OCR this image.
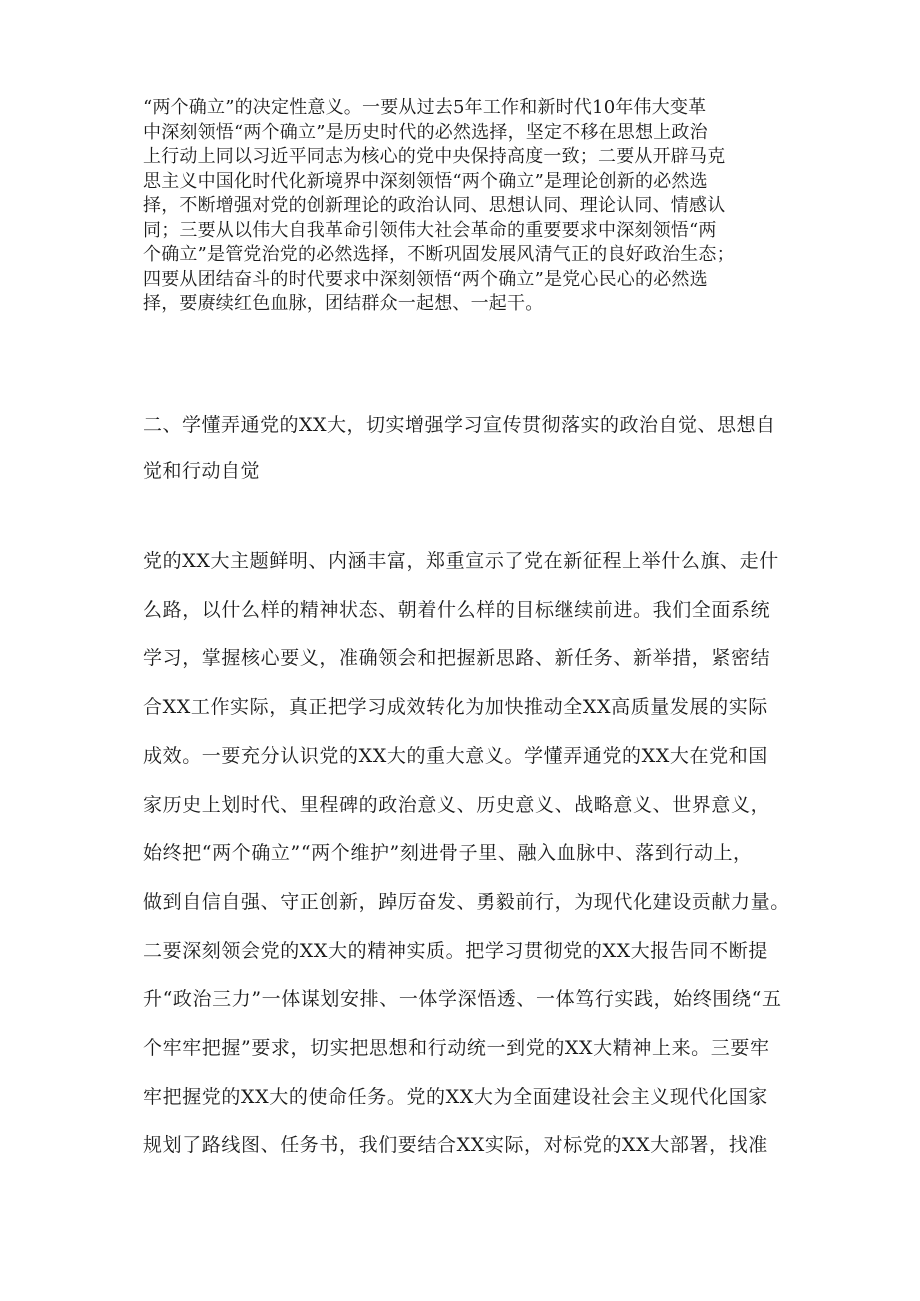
“两个确立”的决定性意义。一要从过去5年工作和新时代10年伟大变革
中深刻领悟“两个确立”是历史时代的必然选择，坚定不移在思想上政治
上行动上同以习近平同志为核心的党中央保持高度一致；二要从开辟马克
思主义中国化时代化新境界中深刻领悟“两个确立”是理论创新的必然选
择，不断增强对党的创新理论的政治认同、思想认同、理论认同、情感认
同；三要从以伟大自我革命引领伟大社会革命的重要要求中深刻领悟“两
个确立”是管党治党的必然选择，不断巩固发展风清气正的良好政治生态；
四要从团结奋斗的时代要求中深刻领悟“两个确立”是党心民心的必然选
择，要赓续红色血脉，团结群众一起想、一起干。
二、学懂弄通党的XX大，切实增强学习宣传贯彻落实的政治自觉、思想自
觉和行动自觉
党的XX大主题鲜明、内涵丰富，郑重宣示了党在新征程上举什么旗、走什
么路，以什么样的精神状态、朝着什么样的目标继续前进。我们全面系统
学习，掌握核心要义，准确领会和把握新思路、新任务、新举措，紧密结
合XX工作实际，真正把学习成效转化为加快推动全XX高质量发展的实际
成效。一要充分认识党的XX大的重大意义。学懂弄通党的XX大在党和国
家历史上划时代、里程碑的政治意义、历史意义、战略意义、世界意义，
始终把“两个确立”“两个维护”刻进骨子里、融入血脉中、落到行动上，
做到自信自强、守正创新，踔厉奋发、勇毅前行，为现代化建设贡献力量。
二要深刻领会党的XX大的精神实质。把学习贯彻党的XX大报告同不断提
升“政治三力”一体谋划安排、一体学深悟透、一体笃行实践，始终围绕“五
个牢牢把握”要求，切实把思想和行动统一到党的XX大精神上来。三要牢
牢把握党的XX大的使命任务。党的XX大为全面建设社会主义现代化国家
规划了路线图、任务书，我们要结合XX实际，对标党的XX大部署，找准
